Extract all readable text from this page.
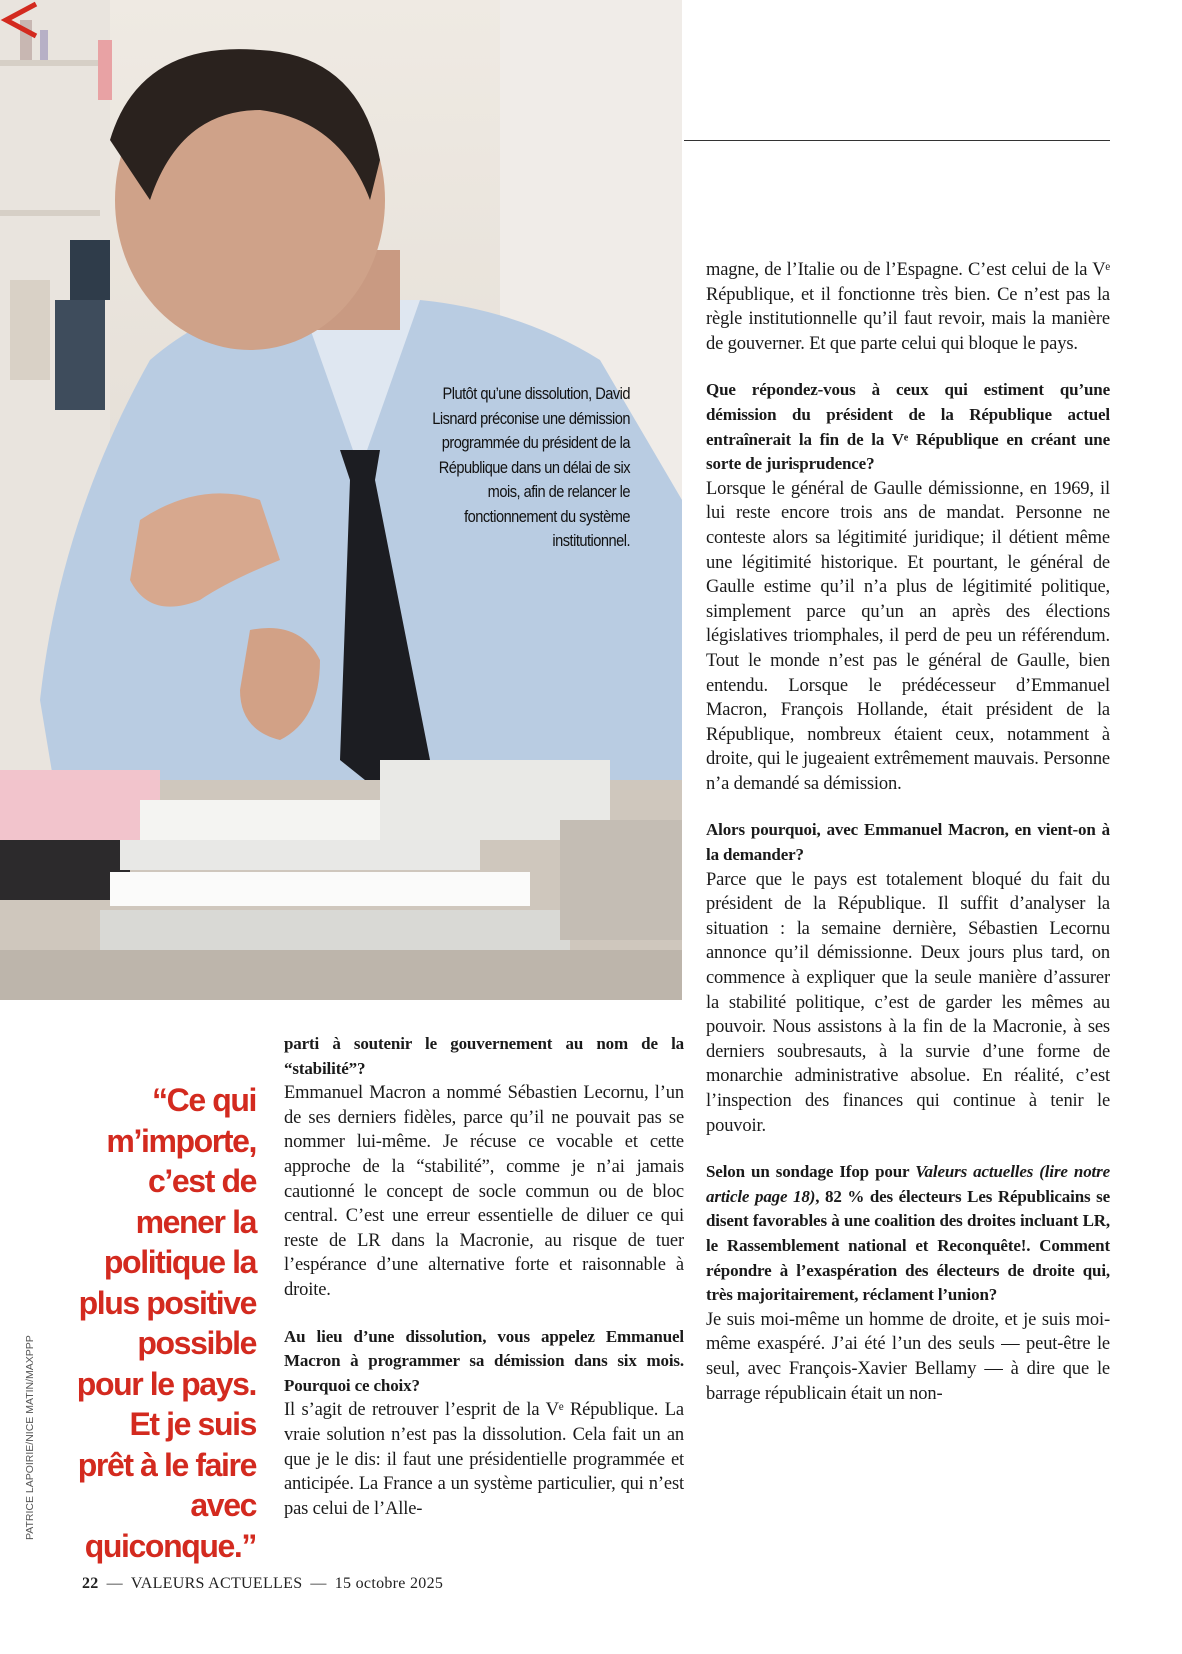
Plutôt qu’une dissolution, David Lisnard préconise une démission programmée du président de la République dans un délai de six mois, afin de relancer le fonctionnement du système institutionnel.
“Ce qui m’importe, c’est de mener la politique la plus positive possible pour le pays. Et je suis prêt à le faire avec quiconque.”
PATRICE LAPOIRIE/NICE MATIN/MAXPPP

parti à soutenir le gouvernement au nom de la “stabilité”?

Emmanuel Macron a nommé Sébastien Lecornu, l’un de ses derniers fidèles, parce qu’il ne pouvait pas se nommer lui-même. Je récuse ce vocable et cette approche de la “stabilité”, comme je n’ai jamais cautionné le concept de socle commun ou de bloc central. C’est une erreur essentielle de diluer ce qui reste de LR dans la Macronie, au risque de tuer l’espérance d’une alternative forte et raisonnable à droite.

Au lieu d’une dissolution, vous appelez Emmanuel Macron à programmer sa démission dans six mois. Pourquoi ce choix?

Il s’agit de retrouver l’esprit de la Vᵉ République. La vraie solution n’est pas la dissolution. Cela fait un an que je le dis: il faut une présidentielle programmée et anticipée. La France a un système particulier, qui n’est pas celui de l’Alle-

magne, de l’Italie ou de l’Espagne. C’est celui de la Vᵉ République, et il fonctionne très bien. Ce n’est pas la règle institutionnelle qu’il faut revoir, mais la manière de gouverner. Et que parte celui qui bloque le pays.

Que répondez-vous à ceux qui estiment qu’une démission du président de la République actuel entraînerait la fin de la Vᵉ République en créant une sorte de jurisprudence?

Lorsque le général de Gaulle démissionne, en 1969, il lui reste encore trois ans de mandat. Personne ne conteste alors sa légitimité juridique; il détient même une légitimité historique. Et pourtant, le général de Gaulle estime qu’il n’a plus de légitimité politique, simplement parce qu’un an après des élections législatives triomphales, il perd de peu un référendum. Tout le monde n’est pas le général de Gaulle, bien entendu. Lorsque le prédécesseur d’Emmanuel Macron, François Hollande, était président de la République, nombreux étaient ceux, notamment à droite, qui le jugeaient extrêmement mauvais. Personne n’a demandé sa démission.

Alors pourquoi, avec Emmanuel Macron, en vient-on à la demander?

Parce que le pays est totalement bloqué du fait du président de la République. Il suffit d’analyser la situation : la semaine dernière, Sébastien Lecornu annonce qu’il démissionne. Deux jours plus tard, on commence à expliquer que la seule manière d’assurer la stabilité politique, c’est de garder les mêmes au pouvoir. Nous assistons à la fin de la Macronie, à ses derniers soubresauts, à la survie d’une forme de monarchie administrative absolue. En réalité, c’est l’inspection des finances qui continue à tenir le pouvoir.

Selon un sondage Ifop pour Valeurs actuelles (lire notre article page 18), 82 % des électeurs Les Républicains se disent favorables à une coalition des droites incluant LR, le Rassemblement national et Reconquête!. Comment répondre à l’exaspération des électeurs de droite qui, très majoritairement, réclament l’union?

Je suis moi-même un homme de droite, et je suis moi-même exaspéré. J’ai été l’un des seuls — peut-être le seul, avec François-Xavier Bellamy — à dire que le barrage républicain était un non-

22 — VALEURS ACTUELLES — 15 octobre 2025
